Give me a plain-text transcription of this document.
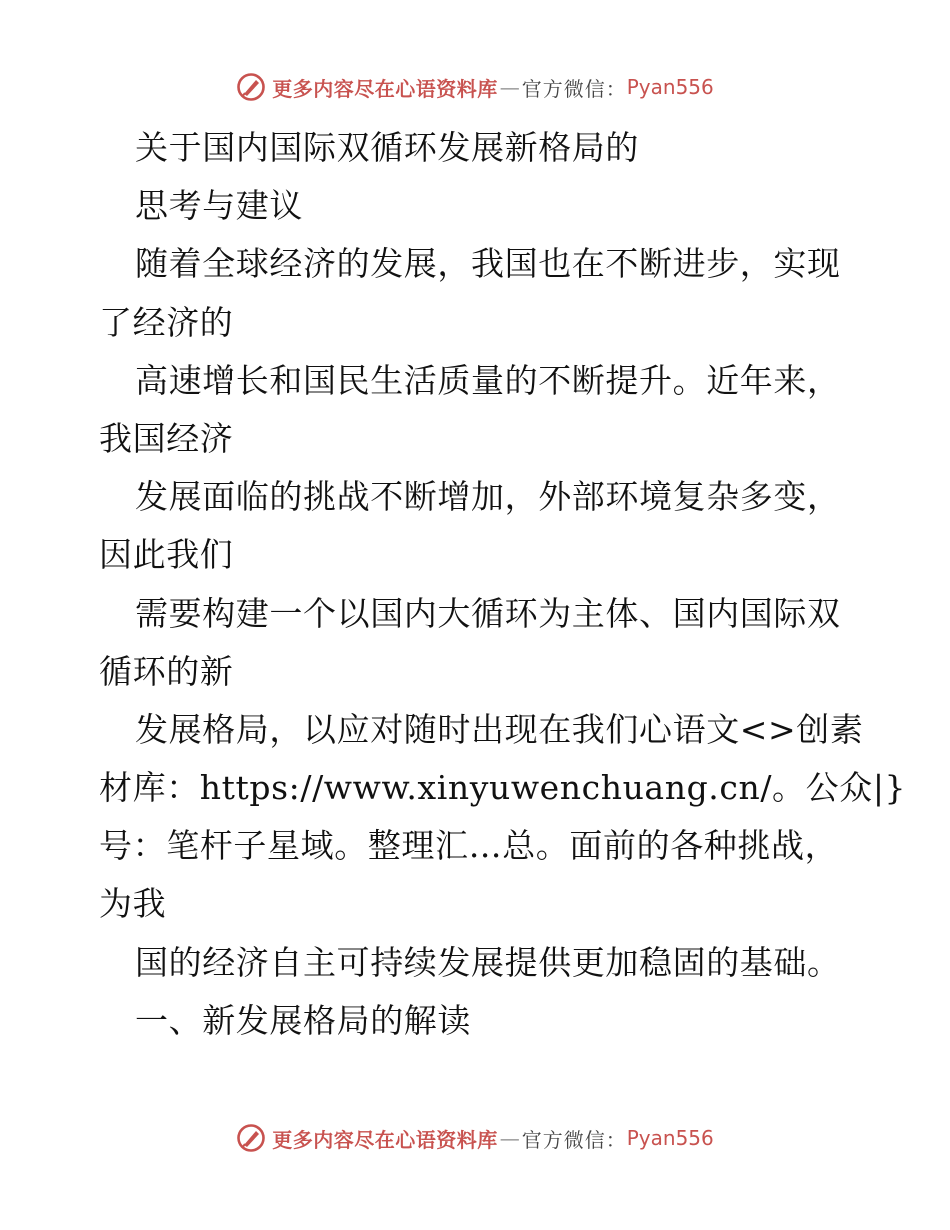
更多内容尽在心语资料库 — 官方微信： Pyan556
关于国内国际双循环发展新格局的
思考与建议
随着全球经济的发展，我国也在不断进步，实现
了经济的
高速增长和国民生活质量的不断提升。近年来，
我国经济
发展面临的挑战不断增加，外部环境复杂多变，
因此我们
需要构建一个以国内大循环为主体、国内国际双
循环的新
发展格局，以应对随时出现在我们心语文<>创素
材库：https://www.xinyuwenchuang.cn/。公众|}
号：笔杆子星域。整理汇…总。面前的各种挑战，
为我
国的经济自主可持续发展提供更加稳固的基础。
一、新发展格局的解读
更多内容尽在心语资料库 — 官方微信： Pyan556
